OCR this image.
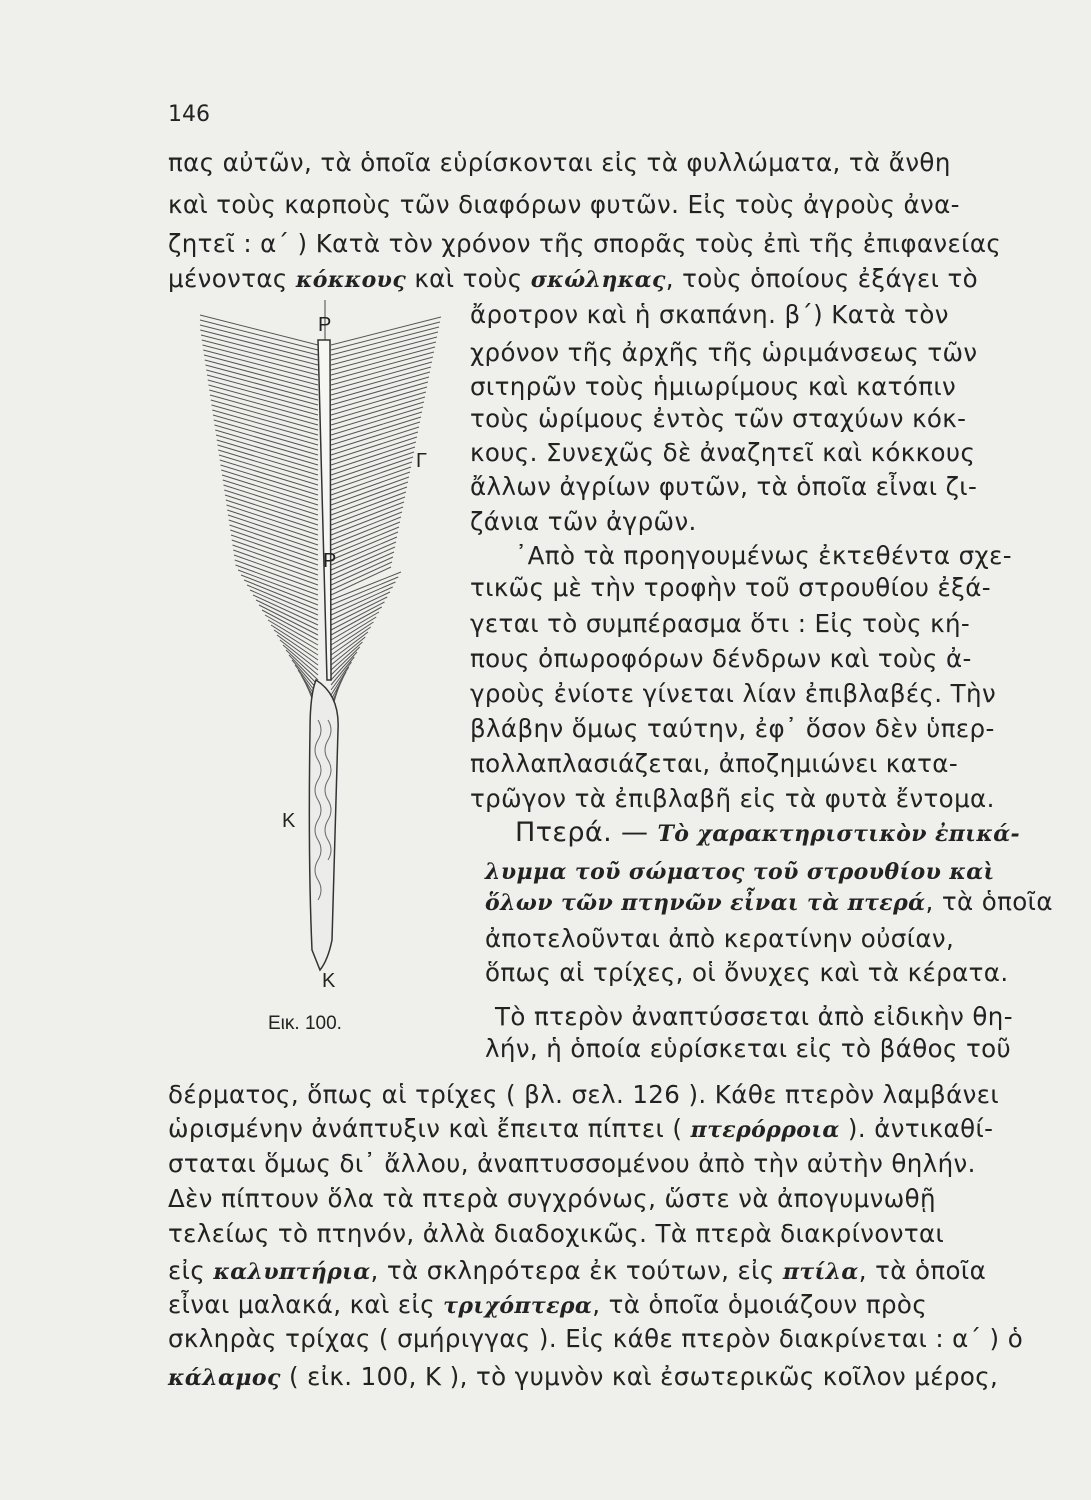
146
πας αὐτῶν, τὰ ὁποῖα εὑρίσκονται εἰς τὰ φυλλώματα, τὰ ἄνθη
καὶ τοὺς καρποὺς τῶν διαφόρων φυτῶν. Εἰς τοὺς ἀγροὺς ἀνα-
ζητεῖ : α΄ ) Κατὰ τὸν χρόνον τῆς σπορᾶς τοὺς ἐπὶ τῆς ἐπιφανείας
μένοντας κόκκους καὶ τοὺς σκώληκας, τοὺς ὁποίους ἐξάγει τὸ
ἄροτρον καὶ ἡ σκαπάνη. β΄) Κατὰ τὸν
χρόνον τῆς ἀρχῆς τῆς ὡριμάνσεως τῶν
σιτηρῶν τοὺς ἡμιωρίμους καὶ κατόπιν
τοὺς ὡρίμους ἐντὸς τῶν σταχύων κόκ-
κους. Συνεχῶς δὲ ἀναζητεῖ καὶ κόκκους
ἄλλων ἀγρίων φυτῶν, τὰ ὁποῖα εἶναι ζι-
ζάνια τῶν ἀγρῶν.
᾽Απὸ τὰ προηγουμένως ἐκτεθέντα σχε-
τικῶς μὲ τὴν τροφὴν τοῦ στρουθίου ἐξά-
γεται τὸ συμπέρασμα ὅτι : Εἰς τοὺς κή-
πους ὀπωροφόρων δένδρων καὶ τοὺς ἀ-
γροὺς ἐνίοτε γίνεται λίαν ἐπιβλαβές. Τὴν
βλάβην ὅμως ταύτην, ἐφ᾽ ὅσον δὲν ὑπερ-
πολλαπλασιάζεται, ἀποζημιώνει κατα-
τρῶγον τὰ ἐπιβλαβῆ εἰς τὰ φυτὰ ἔντομα.
Πτερά. — Τὸ χαρακτηριστικὸν ἐπικά-
λυμμα τοῦ σώματος τοῦ στρουθίου καὶ
ὅλων τῶν πτηνῶν εἶναι τὰ πτερά, τὰ ὁποῖα
ἀποτελοῦνται ἀπὸ κερατίνην οὐσίαν,
ὅπως αἱ τρίχες, οἱ ὄνυχες καὶ τὰ κέρατα.
Τὸ πτερὸν ἀναπτύσσεται ἀπὸ εἰδικὴν θη-
λήν, ἡ ὁποία εὑρίσκεται εἰς τὸ βάθος τοῦ
δέρματος, ὅπως αἱ τρίχες ( βλ. σελ. 126 ). Κάθε πτερὸν λαμβάνει
ὡρισμένην ἀνάπτυξιν καὶ ἔπειτα πίπτει ( πτερόρροια ). ἀντικαθί-
σταται ὅμως δι᾽ ἄλλου, ἀναπτυσσομένου ἀπὸ τὴν αὐτὴν θηλήν.
Δὲν πίπτουν ὅλα τὰ πτερὰ συγχρόνως, ὥστε νὰ ἀπογυμνωθῇ
τελείως τὸ πτηνόν, ἀλλὰ διαδοχικῶς. Τὰ πτερὰ διακρίνονται
εἰς καλυπτήρια, τὰ σκληρότερα ἐκ τούτων, εἰς πτίλα, τὰ ὁποῖα
εἶναι μαλακά, καὶ εἰς τριχόπτερα, τὰ ὁποῖα ὁμοιάζουν πρὸς
σκληρὰς τρίχας ( σμήριγγας ). Εἰς κάθε πτερὸν διακρίνεται : α΄ ) ὁ
κάλαμος ( εἰκ. 100, Κ ), τὸ γυμνὸν καὶ ἐσωτερικῶς κοῖλον μέρος,
Ρ
Γ
Ρ
Κ
Κ
Εικ. 100.
